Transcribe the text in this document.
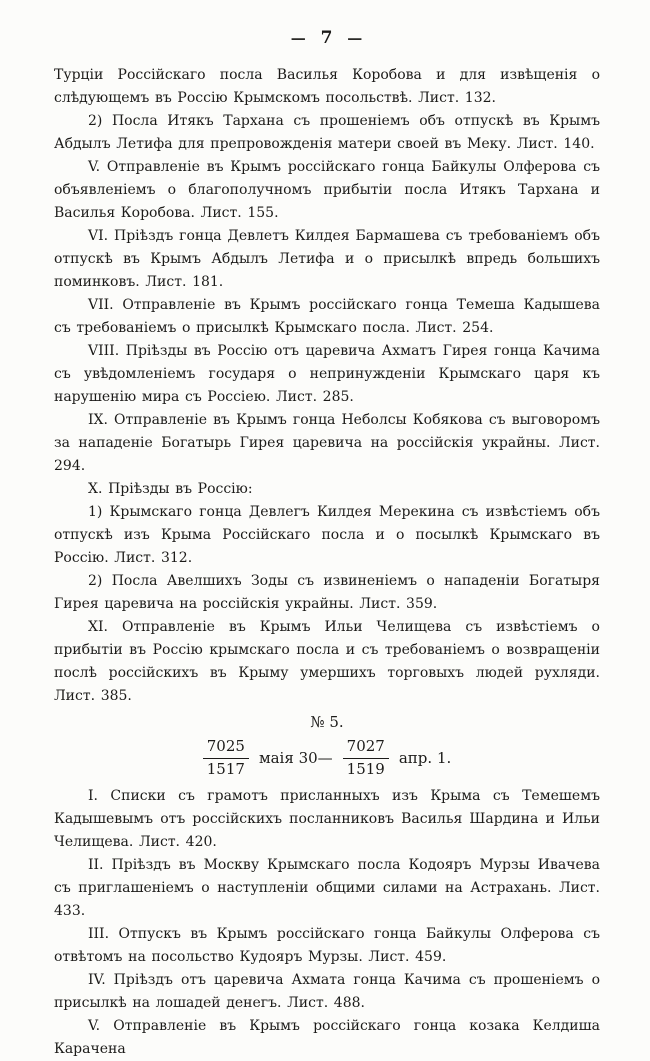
— 7 —

Турціи Россійскаго посла Василья Коробова и для извѣщенія о слѣдующемъ въ Россію Крымскомъ посольствѣ. Лист. 132.

2) Посла Итякъ Тархана съ прошеніемъ объ отпускѣ въ Крымъ Абдылъ Летифа для препровожденія матери своей въ Меку. Лист. 140.

V. Отправленіе въ Крымъ россійскаго гонца Байкулы Олферова съ объявленіемъ о благополучномъ прибытіи посла Итякъ Тархана и Василья Коробова. Лист. 155.

VI. Пріѣздъ гонца Девлетъ Килдея Бармашева съ требованіемъ объ отпускѣ въ Крымъ Абдылъ Летифа и о присылкѣ впредь большихъ поминковъ. Лист. 181.

VII. Отправленіе въ Крымъ россійскаго гонца Темеша Кадышева съ требованіемъ о присылкѣ Крымскаго посла. Лист. 254.

VIII. Пріѣзды въ Россію отъ царевича Ахматъ Гирея гонца Качима съ увѣдомленіемъ государя о непринужденіи Крымскаго царя къ нарушенію мира съ Россіею. Лист. 285.

IX. Отправленіе въ Крымъ гонца Неболсы Кобякова съ выговоромъ за нападеніе Богатырь Гирея царевича на россійскія украйны. Лист. 294.

X. Пріѣзды въ Россію:

1) Крымскаго гонца Девлегъ Килдея Мерекина съ извѣстіемъ объ отпускѣ изъ Крыма Россійскаго посла и о посылкѣ Крымскаго въ Россію. Лист. 312.

2) Посла Авелшихъ Зоды съ извиненіемъ о нападеніи Богатыря Гирея царевича на россійскія украйны. Лист. 359.

XI. Отправленіе въ Крымъ Ильи Челищева съ извѣстіемъ о прибытіи въ Россію крымскаго посла и съ требованіемъ о возвращеніи послѣ россійскихъ въ Крыму умершихъ торговыхъ людей рухляди. Лист. 385.

№ 5.
$\frac{7025}{1517}$ маія 30— $\frac{7027}{1519}$ апр. 1.

I. Списки съ грамотъ присланныхъ изъ Крыма съ Темешемъ Кадышевымъ отъ россійскихъ посланниковъ Василья Шардина и Ильи Челищева. Лист. 420.

II. Пріѣздъ въ Москву Крымскаго посла Кодояръ Мурзы Ивачева съ приглашеніемъ о наступленіи общими силами на Астрахань. Лист. 433.

III. Отпускъ въ Крымъ россійскаго гонца Байкулы Олферова съ отвѣтомъ на посольство Кудояръ Мурзы. Лист. 459.

IV. Пріѣздъ отъ царевича Ахмата гонца Качима съ прошеніемъ о присылкѣ на лошадей денегъ. Лист. 488.

V. Отправленіе въ Крымъ россійскаго гонца козака Келдиша Карачена
